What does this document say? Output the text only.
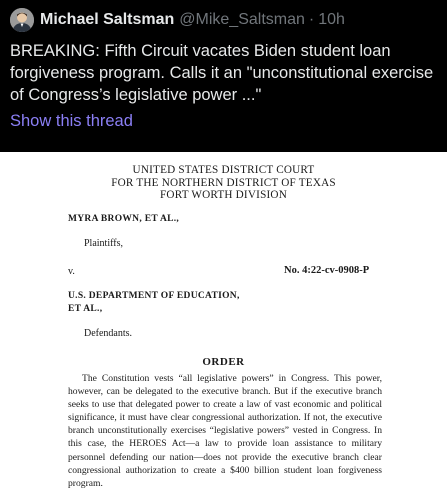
Michael Saltsman @Mike_Saltsman · 10h
BREAKING: Fifth Circuit vacates Biden student loan forgiveness program. Calls it an "unconstitutional exercise of Congress’s legislative power ..."
Show this thread
UNITED STATES DISTRICT COURT
FOR THE NORTHERN DISTRICT OF TEXAS
FORT WORTH DIVISION
MYRA BROWN, ET AL.,
Plaintiffs,
v.	No. 4:22-cv-0908-P
U.S. DEPARTMENT OF EDUCATION,
ET AL.,
Defendants.
ORDER
The Constitution vests “all legislative powers” in Congress. This power, however, can be delegated to the executive branch. But if the executive branch seeks to use that delegated power to create a law of vast economic and political significance, it must have clear congressional authorization. If not, the executive branch unconstitutionally exercises “legislative powers” vested in Congress. In this case, the HEROES Act—a law to provide loan assistance to military personnel defending our nation—does not provide the executive branch clear congressional authorization to create a $400 billion student loan forgiveness program.
